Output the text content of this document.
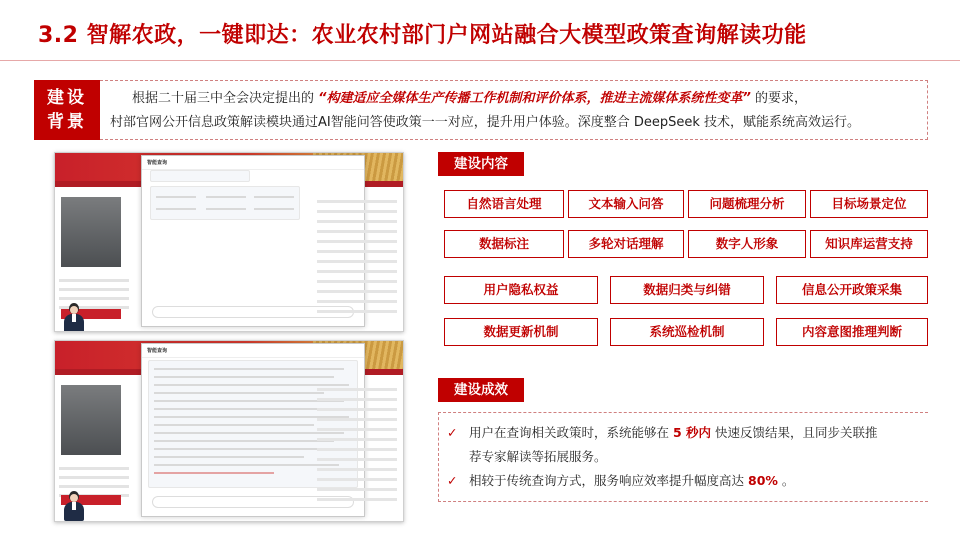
3.2 智解农政，一键即达：农业农村部门户网站融合大模型政策查询解读功能
建设
背景
根据二十届三中全会决定提出的 “构建适应全媒体生产传播工作机制和评价体系，推进主流媒体系统性变革” 的要求，
村部官网公开信息政策解读模块通过AI智能问答使政策一一对应，提升用户体验。深度整合 DeepSeek 技术，赋能系统高效运行。
智能查询
智能查询
建设内容
自然语言处理	文本输入问答	问题梳理分析	目标场景定位
数据标注	多轮对话理解	数字人形象	知识库运营支持
用户隐私权益	数据归类与纠错	信息公开政策采集
数据更新机制	系统巡检机制	内容意图推理判断
建设成效
✓ 用户在查询相关政策时，系统能够在 5 秒内 快速反馈结果，且同步关联推
荐专家解读等拓展服务。
✓ 相较于传统查询方式，服务响应效率提升幅度高达 80% 。
